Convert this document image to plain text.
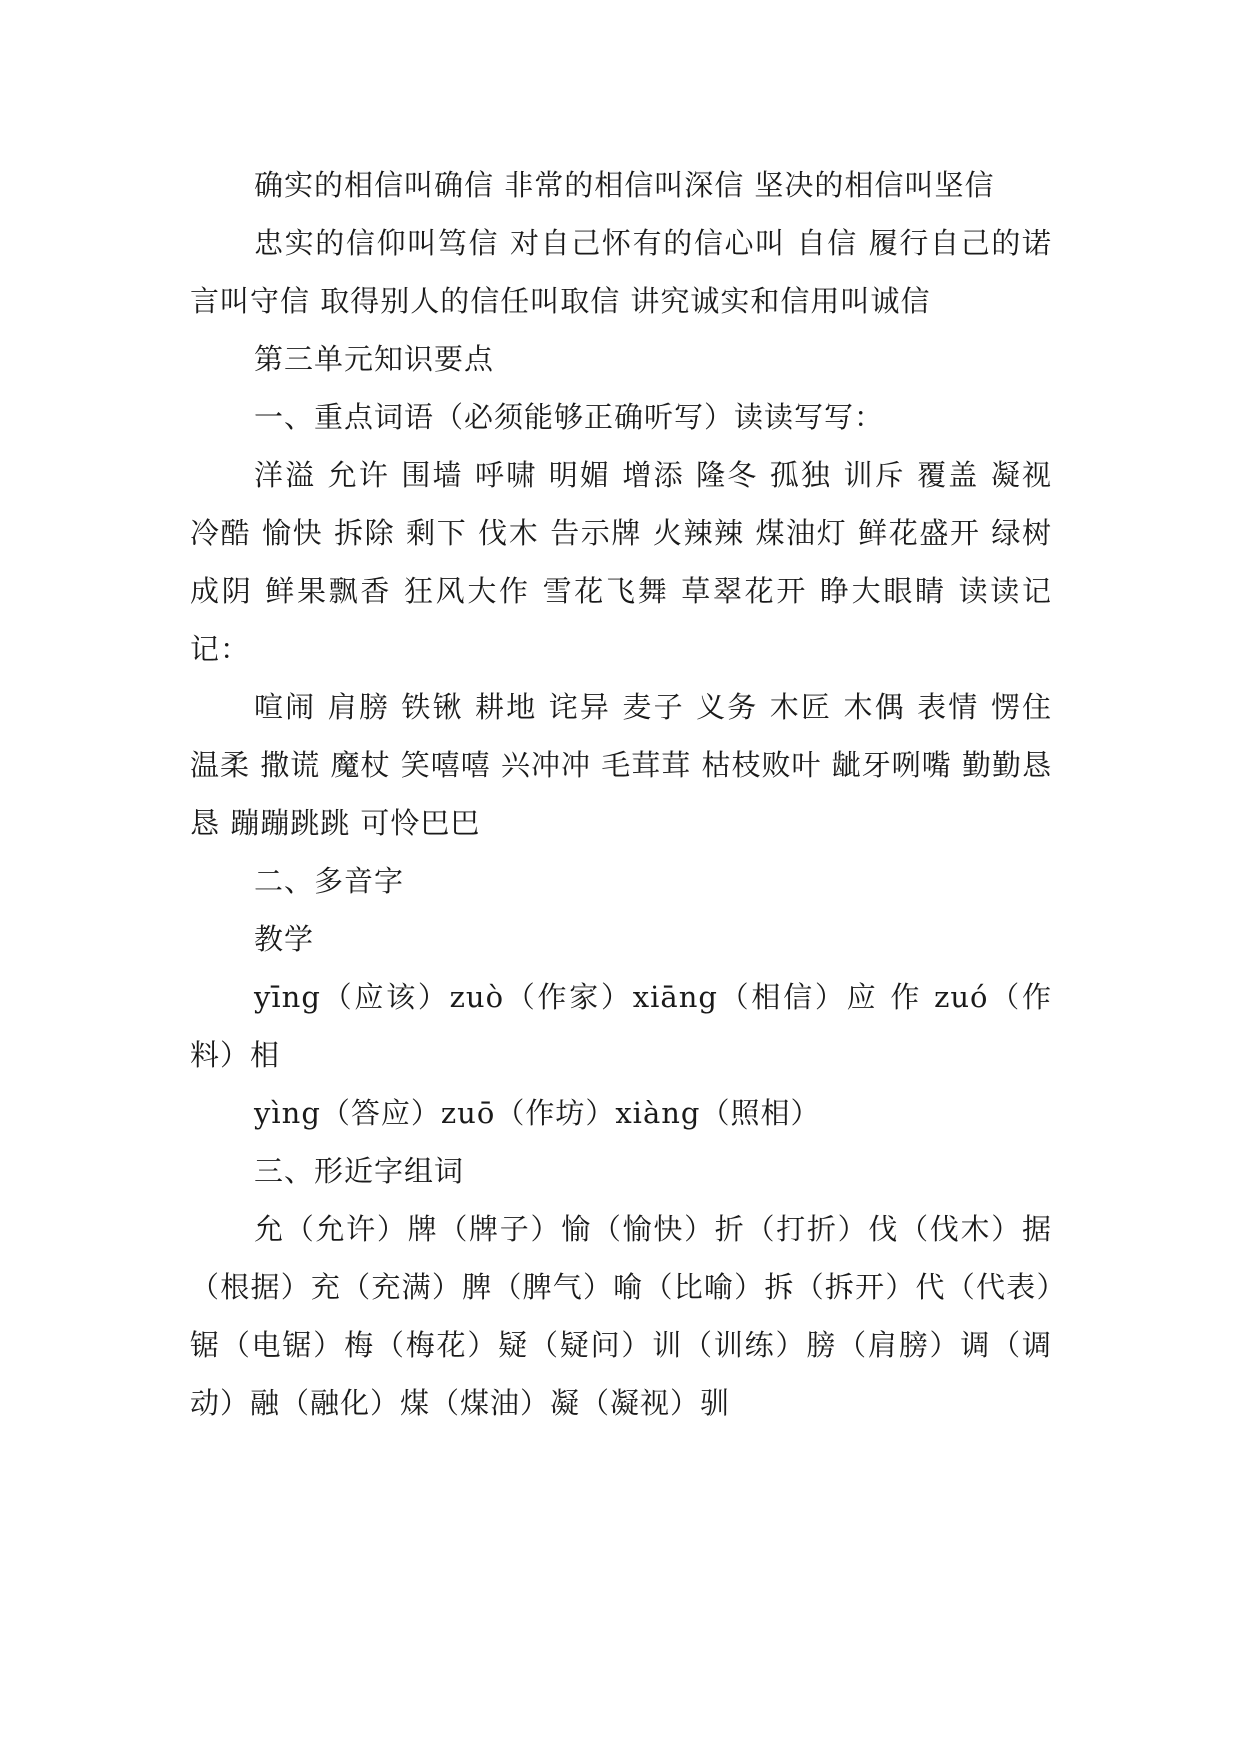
确实的相信叫确信 非常的相信叫深信 坚决的相信叫坚信

忠实的信仰叫笃信 对自己怀有的信心叫 自信 履行自己的诺言叫守信 取得别人的信任叫取信 讲究诚实和信用叫诚信

第三单元知识要点

一、重点词语（必须能够正确听写）读读写写：

洋溢 允许 围墙 呼啸 明媚 增添 隆冬 孤独 训斥 覆盖 凝视 冷酷 愉快 拆除 剩下 伐木 告示牌 火辣辣 煤油灯 鲜花盛开 绿树成阴 鲜果飘香 狂风大作 雪花飞舞 草翠花开 睁大眼睛 读读记记：

喧闹 肩膀 铁锹 耕地 诧异 麦子 义务 木匠 木偶 表情 愣住 温柔 撒谎 魔杖 笑嘻嘻 兴冲冲 毛茸茸 枯枝败叶 龇牙咧嘴 勤勤恳恳 蹦蹦跳跳 可怜巴巴

二、多音字

教学

yīng（应该）zuò（作家）xiāng（相信）应 作 zuó（作料）相

yìng（答应）zuō（作坊）xiàng（照相）

三、形近字组词

允（允许）牌（牌子）愉（愉快）折（打折）伐（伐木）据（根据）充（充满）脾（脾气）喻（比喻）拆（拆开）代（代表）锯（电锯）梅（梅花）疑（疑问）训（训练）膀（肩膀）调（调动）融（融化）煤（煤油）凝（凝视）驯
